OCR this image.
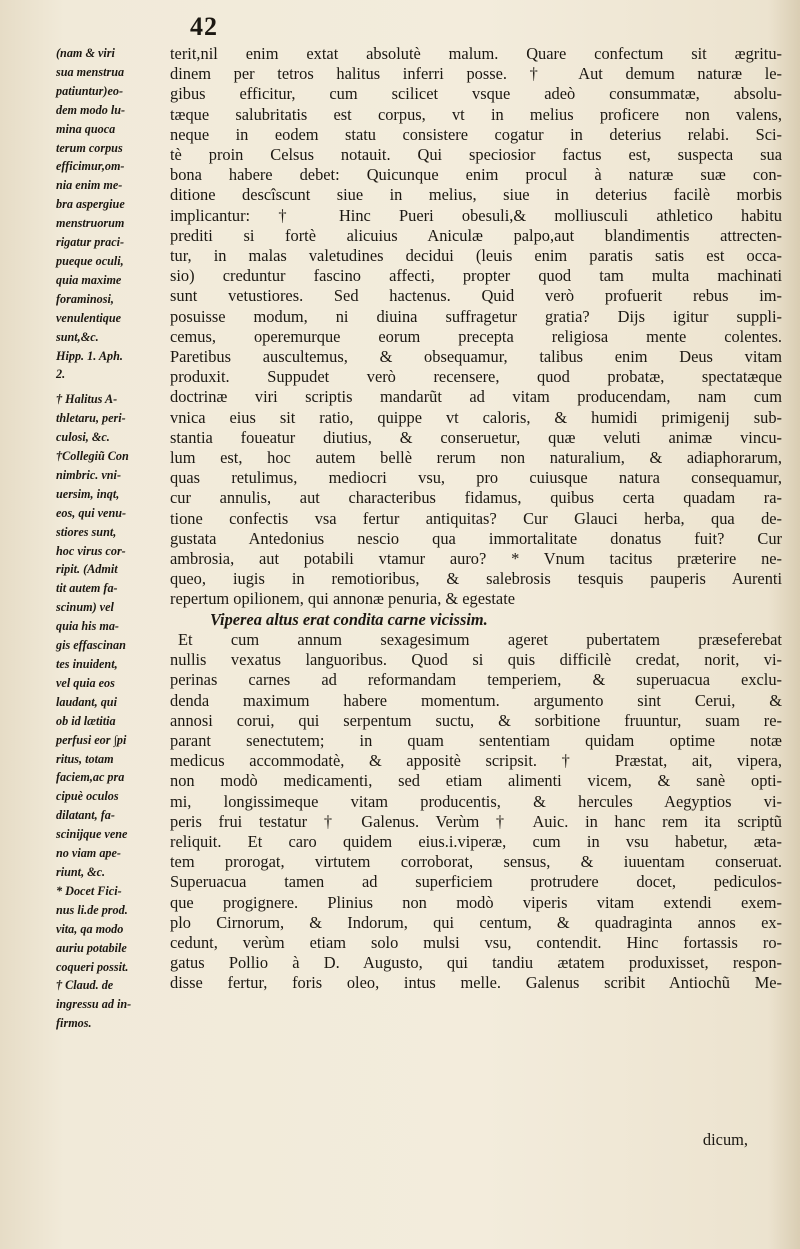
42
(nam & viri
sua menstrua
patiuntur)eo-
dem modo lu-
mina quoca
terum corpus
efficimur,om-
nia enim me-
bra aspergiue
menstruorum
rigatur praci-
pueque oculi,
quia maxime
foraminosi,
venulentique
sunt,&c.
Hipp. 1. Aph.
2.
† Halitus A-
thletaru, peri-
culosi, &c.
†Collegiũ Con
nimbric. vni-
uersim, inqt,
eos, qui venu-
stiores sunt,
hoc virus cor-
ripit. (Admit
tit autem fa-
scinum) vel
quia his ma-
gis effascinan
tes inuident,
vel quia eos
laudant, qui
ob id lætitia
perfusi eor ∫pi
ritus, totam
faciem,ac pra
cipuè oculos
dilatant, fa-
scinijque vene
no viam ape-
riunt, &c.
* Docet Fici-
nus li.de prod.
vita, qa modo
auriu potabile
coqueri possit.
† Claud. de
ingressu ad in-
firmos.
terit,nil enim extat absolutè malum. Quare confectum sit ægritu-
dinem per tetros halitus inferri posse. † Aut demum naturæ le-
gibus efficitur, cum scilicet vsque adeò consummatæ, absolu-
tæque salubritatis est corpus, vt in melius proficere non valens,
neque in eodem statu consistere cogatur in deterius relabi. Sci-
tè proin Celsus notauit. Qui speciosior factus est, suspecta sua
bona habere debet: Quicunque enim procul à naturæ suæ con-
ditione descîscunt siue in melius, siue in deterius facilè morbis
implicantur: † Hinc Pueri obesuli,& molliusculi athletico habitu
prediti si fortè alicuius Aniculæ palpo,aut blandimentis attrecten-
tur, in malas valetudines decidui (leuis enim paratis satis est occa-
sio) creduntur fascino affecti, propter quod tam multa machinati
sunt vetustiores. Sed hactenus. Quid verò profuerit rebus im-
posuisse modum, ni diuina suffragetur gratia? Dijs igitur suppli-
cemus, operemurque eorum precepta religiosa mente colentes.
Paretibus auscultemus, & obsequamur, talibus enim Deus vitam
produxit. Suppudet verò recensere, quod probatæ, spectatæque
doctrinæ viri scriptis mandarũt ad vitam producendam, nam cum
vnica eius sit ratio, quippe vt caloris, & humidi primigenij sub-
stantia foueatur diutius, & conseruetur, quæ veluti animæ vincu-
lum est, hoc autem bellè rerum non naturalium, & adiaphorarum,
quas retulimus, mediocri vsu, pro cuiusque natura consequamur,
cur annulis, aut characteribus fidamus, quibus certa quadam ra-
tione confectis vsa fertur antiquitas? Cur Glauci herba, qua de-
gustata Antedonius nescio qua immortalitate donatus fuit? Cur
ambrosia, aut potabili vtamur auro? * Vnum tacitus præterire ne-
queo, iugis in remotioribus, & salebrosis tesquis pauperis Aurenti
repertum opilionem, qui annonæ penuria, & egestate
Viperea altus erat condita carne vicissim.
Et cum annum sexagesimum ageret pubertatem præseferebat
nullis vexatus languoribus. Quod si quis difficilè credat, norit, vi-
perinas carnes ad reformandam temperiem, & superuacua exclu-
denda maximum habere momentum. argumento sint Cerui, &
annosi corui, qui serpentum suctu, & sorbitione fruuntur, suam re-
parant senectutem; in quam sententiam quidam optime notæ
medicus accommodatè, & appositè scripsit. † Præstat, ait, vipera,
non modò medicamenti, sed etiam alimenti vicem, & sanè opti-
mi, longissimeque vitam producentis, & hercules Aegyptios vi-
peris frui testatur † Galenus. Verùm † Auic. in hanc rem ita scriptũ
reliquit. Et caro quidem eius.i.viperæ, cum in vsu habetur, æta-
tem prorogat, virtutem corroborat, sensus, & iuuentam conseruat.
Superuacua tamen ad superficiem protrudere docet, pediculos-
que progignere. Plinius non modò viperis vitam extendi exem-
plo Cirnorum, & Indorum, qui centum, & quadraginta annos ex-
cedunt, verùm etiam solo mulsi vsu, contendit. Hinc fortassis ro-
gatus Pollio à D. Augusto, qui tandiu ætatem produxisset, respon-
disse fertur, foris oleo, intus melle. Galenus scribit Antiochũ Me-
dicum,
